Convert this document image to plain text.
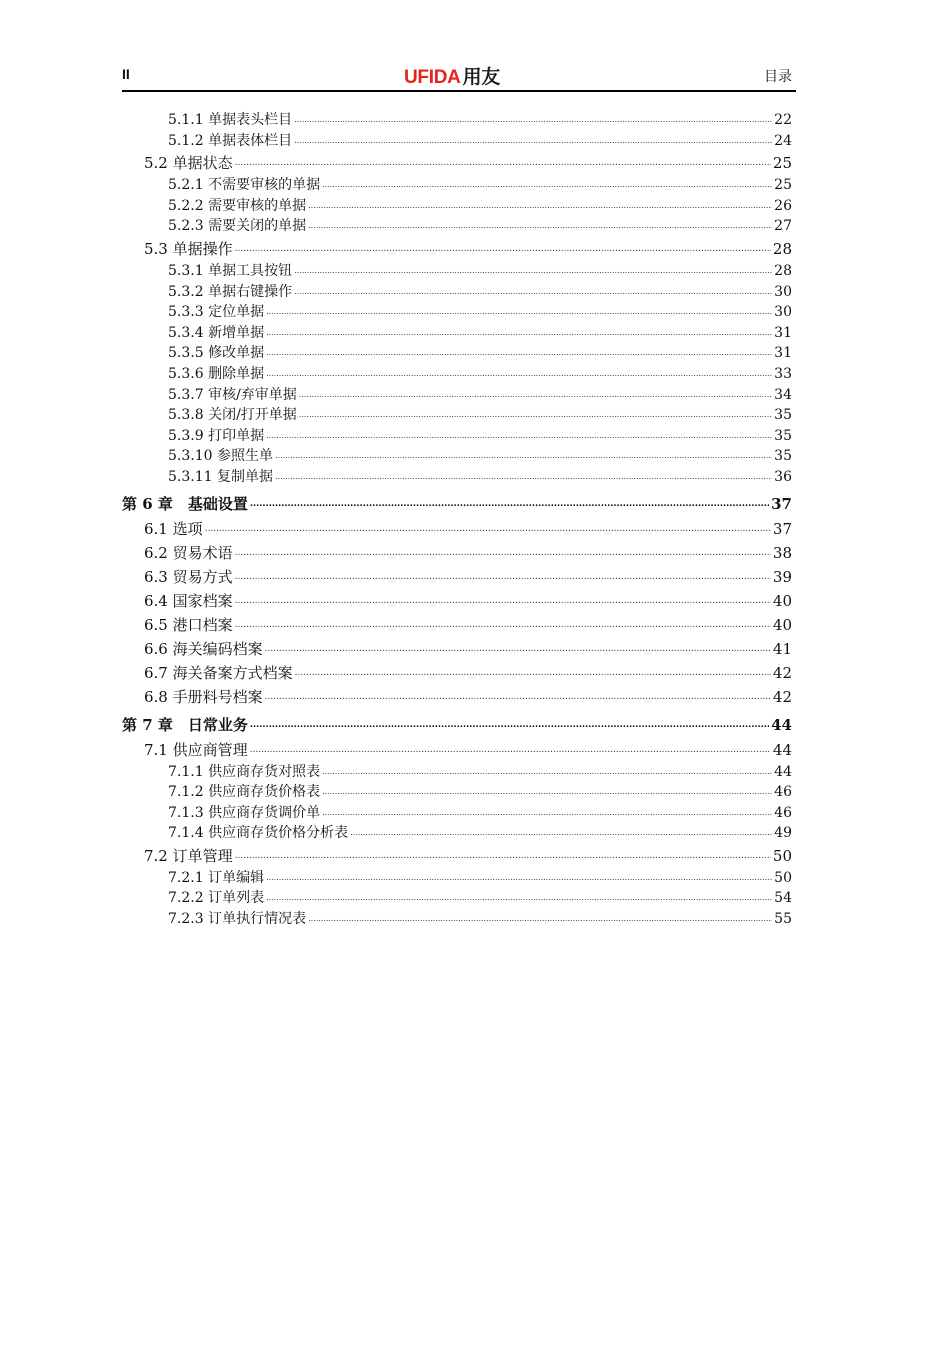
II	UFIDA 用友	目录
5.1.1 单据表头栏目 .....	22
5.1.2 单据表体栏目 .....	24
5.2 单据状态 .....	25
5.2.1 不需要审核的单据 .....	25
5.2.2 需要审核的单据 .....	26
5.2.3 需要关闭的单据 .....	27
5.3 单据操作 .....	28
5.3.1 单据工具按钮 .....	28
5.3.2 单据右键操作 .....	30
5.3.3 定位单据 .....	30
5.3.4 新增单据 .....	31
5.3.5 修改单据 .....	31
5.3.6 删除单据 .....	33
5.3.7 审核/弃审单据 .....	34
5.3.8 关闭/打开单据 .....	35
5.3.9 打印单据 .....	35
5.3.10 参照生单 .....	35
5.3.11 复制单据 .....	36
第 6 章　基础设置 .....	37
6.1 选项 .....	37
6.2 贸易术语 .....	38
6.3 贸易方式 .....	39
6.4 国家档案 .....	40
6.5 港口档案 .....	40
6.6 海关编码档案 .....	41
6.7 海关备案方式档案 .....	42
6.8 手册料号档案 .....	42
第 7 章　日常业务 .....	44
7.1 供应商管理 .....	44
7.1.1 供应商存货对照表 .....	44
7.1.2 供应商存货价格表 .....	46
7.1.3 供应商存货调价单 .....	46
7.1.4 供应商存货价格分析表 .....	49
7.2 订单管理 .....	50
7.2.1 订单编辑 .....	50
7.2.2 订单列表 .....	54
7.2.3 订单执行情况表 .....	55
